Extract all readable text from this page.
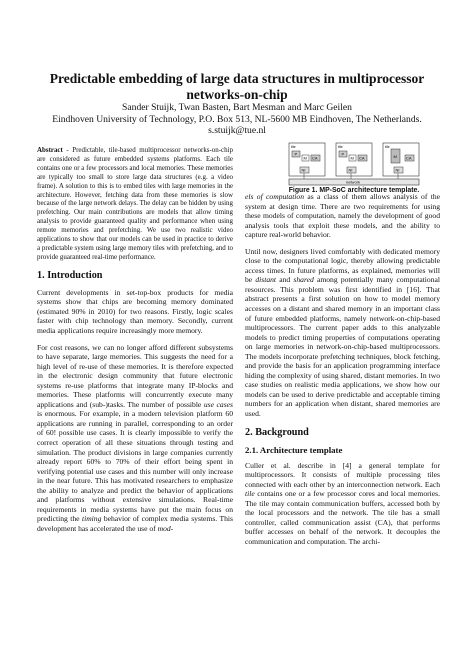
Predictable embedding of large data structures in multiprocessor networks-on-chip
Sander Stuijk, Twan Basten, Bart Mesman and Marc Geilen
Eindhoven University of Technology, P.O. Box 513, NL-5600 MB Eindhoven, The Netherlands.
s.stuijk@tue.nl

Abstract - Predictable, tile-based multiprocessor networks-on-chip are considered as future embedded systems platforms. Each tile contains one or a few processors and local memories. These memories are typically too small to store large data structures (e.g. a video frame). A solution to this is to embed tiles with large memories in the architecture. However, fetching data from these memories is slow because of the large network delays. The delay can be hidden by using prefetching. Our main contributions are models that allow timing analysis to provide guaranteed quality and performance when using remote memories and prefetching. We use two realistic video applications to show that our models can be used in practice to derive a predictable system using large memory tiles with prefetching, and to provide guaranteed real-time performance.

1. Introduction

Current developments in set-top-box products for media systems show that chips are becoming memory dominated (estimated 90% in 2010) for two reasons. Firstly, logic scales faster with chip technology than memory. Secondly, current media applications require increasingly more memory.

For cost reasons, we can no longer afford different subsystems to have separate, large memories. This suggests the need for a high level of re-use of these memories. It is therefore expected in the electronic design community that future electronic systems re-use platforms that integrate many IP-blocks and memories. These platforms will concurrently execute many applications and (sub-)tasks. The number of possible use cases is enormous. For example, in a modern television platform 60 applications are running in parallel, corresponding to an order of 60! possible use cases. It is clearly impossible to verify the correct operation of all these situations through testing and simulation. The product divisions in large companies currently already report 60% to 70% of their effort being spent in verifying potential use cases and this number will only increase in the near future. This has motivated researchers to emphasize the ability to analyze and predict the behavior of applications and platforms without extensive simulations. Real-time requirements in media systems have put the main focus on predicting the timing behavior of complex media systems. This development has accelerated the use of mod-

tile
P
M CA
NI
tile
P
M CA
NI
tile
M CA
NI
network
Figure 1. MP-SoC architecture template.

els of computation as a class of them allows analysis of the system at design time. There are two requirements for using these models of computation, namely the development of good analysis tools that exploit these models, and the ability to capture real-world behavior.

Until now, designers lived comfortably with dedicated memory close to the computational logic, thereby allowing predictable access times. In future platforms, as explained, memories will be distant and shared among potentially many computational resources. This problem was first identified in [16]. That abstract presents a first solution on how to model memory accesses on a distant and shared memory in an important class of future embedded platforms, namely network-on-chip-based multiprocessors. The current paper adds to this analyzable models to predict timing properties of computations operating on large memories in network-on-chip-based multiprocessors. The models incorporate prefetching techniques, block fetching, and provide the basis for an application programming interface hiding the complexity of using shared, distant memories. In two case studies on realistic media applications, we show how our models can be used to derive predictable and acceptable timing numbers for an application when distant, shared memories are used.

2. Background
2.1. Architecture template

Culler et al. describe in [4] a general template for multiprocessors. It consists of multiple processing tiles connected with each other by an interconnection network. Each tile contains one or a few processor cores and local memories. The tile may contain communication buffers, accessed both by the local processors and the network. The tile has a small controller, called communication assist (CA), that performs buffer accesses on behalf of the network. It decouples the communication and computation. The archi-
